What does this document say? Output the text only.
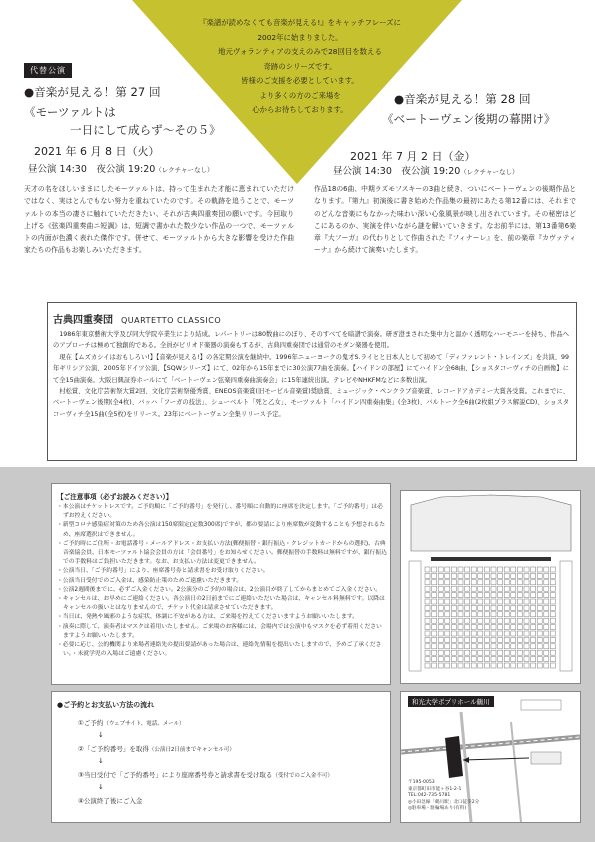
『楽譜が読めなくても音楽が見える!』をキャッチフレーズに
2002年に始まりました。
地元ヴォランティアの支えのみで28回目を数える
奇跡のシリーズです。
皆様のご支援を必要としています。
より多くの方のご来場を
心からお待ちしております。
代替公演
●音楽が見える！第 27 回
《モーツァルトは
一日にして成らず〜その５》
2021 年 6 月 8 日（火）
昼公演 14:30　夜公演 19:20（レクチャーなし）
天才の名をほしいままにしたモーツァルトは、持って生まれた才能に恵まれていただけではなく、実はとんでもない努力を重ねていたのです。その軌跡を追うことで、モーツァルトの本当の凄さに触れていただきたい、それが古典四重奏団の願いです。今回取り上げる《弦楽四重奏曲ニ短調》は、短調で書かれた数少ない作品の一つで、モーツァルトの内面が色濃く表れた傑作です。併せて、モーツァルトから大きな影響を受けた作曲家たちの作品もお楽しみいただきます。
●音楽が見える！第 28 回
《ベートーヴェン後期の幕開け》
2021 年 7 月 2 日（金）
昼公演 14:30　夜公演 19:20（レクチャーなし）
作品18の6曲、中期ラズモフスキーの3曲と続き、ついにベートーヴェンの後期作品となります。『第九』初演後に書き始めた作品集の最初にあたる第12番には、それまでのどんな音楽にもなかった味わい深い心象風景が映し出されています。その秘密はどこにあるのか、実演を伴いながら謎を解いていきます。なお前半には、第13番第6楽章『大フーガ』の代わりとして作曲された『フィナーレ』を、前の楽章『カヴァティーナ』から続けて演奏いたします。
古典四重奏団 QUARTETTO CLASSICO

1986年東京藝術大学及び同大学院卒業生により結成。レパートリーは80数曲にのぼり、そのすべてを暗譜で演奏。研ぎ澄まされた集中力と温かく透明なハーモニーを持ち、作品へのアプローチは極めて独創的である。全員がピリオド楽器の演奏もするが、古典四重奏団では通常のモダン楽器を使用。

現在【ムズカシイはおもしろい!】【音楽が見える!】の各定期公演を継続中。1996年ニューヨークの鬼才S.ライヒと日本人として初めて「ディファレント・トレインズ」を共演、99年ギリシア公演、2005年ドイツ公演、【SQWシリーズ】にて、02年から15年までに30公演77曲を演奏。【ハイドンの部屋】にてハイドン全68曲、【ショスタコーヴィチの自画像】にて全15曲演奏。大阪日興証券ホールにて「ベートーヴェン弦楽四重奏曲演奏会」に15年連続出演。テレビやNHKFMなどに多数出演。

村松賞、文化庁芸術祭大賞2回、文化庁芸術祭優秀賞、ENEOS音楽賞(旧モービル音楽賞)奨励賞、ミュージック・ペンクラブ音楽賞、レコードアカデミー大賞各受賞。これまでに、ベートーヴェン後期(全4枚)、バッハ「フーガの技法」、シューベルト「死と乙女」、モーツァルト「ハイドン四重奏曲集」(全3枚)、バルトーク全6曲(2枚組プラス解説CD)、ショスタコーヴィチ全15曲(全5枚)をリリース。23年にベートーヴェン全集リリース予定。

【ご注意事項（必ずお読みください）】
・本公演はチケットレスです。ご予約順に「ご予約番号」を発行し、番号順に自動的に座席を決定します。「ご予約番号」は必ずお控えください。
・新型コロナ感染症対策のため各公演は150席限定(定数300席)ですが、都の要請により座席数が変動することも予想されるため、座席選択はできません。
・ご予約時にご住所・お電話番号・メールアドレス・お支払い方法(郵便振替・銀行振込・クレジットカードからの選択)、古典音楽協会員、日本モーツァルト協会会員の方は「会員番号」をお知らせください。郵便振替の手数料は無料ですが、銀行振込での手数料はご負担いただきます。なお、お支払い方法は変更できません。
・公演当日、「ご予約番号」により、座席番号券と請求書をお受け取りください。
・公演当日受付でのご入金は、感染防止策のためご遠慮いただきます。
・公演2週間後までに、必ずご入金ください。2公演分のご予約の場合は、2公演目が終了してからまとめてご入金ください。
・キャンセルは、お早めにご連絡ください。各公演日の2日前までにご連絡いただいた場合は、キャンセル料無料です。以降はキャンセルの扱いとはなりませんので、チケット代金は請求させていただきます。
・当日は、発熱や風邪のような症状、体調に不安がある方は、ご来場を控えてくださいますようお願いいたします。
・演奏に際して、演奏者はマスクは着用いたしません。ご来場のお客様には、会場内では公演中もマスクを必ず着用くださいますようお願いいたします。
・必要に応じ、公的機関より来場者連絡先の提出要請があった場合は、連絡先情報を提出いたしますので、予めご了承ください。・未就学児の入場はご遠慮ください。
●ご予約とお支払い方法の流れ
①ご予約（ウェブサイト、電話、メール）
↓
②「ご予約番号」を取得（公演日2日前までキャンセル可）
↓
③当日受付で「ご予約番号」により座席番号券と請求書を受け取る（受付でのご入金不可）
↓
④公演終了後にご入金
和光大学ポプリホール鶴川
〒195-0053
東京都町田市能ヶ谷1-2-1
TEL:042-735-5781
◎小田急線「鶴川駅」北口徒歩2分
◎駐車場・駐輪場あり(有料)
